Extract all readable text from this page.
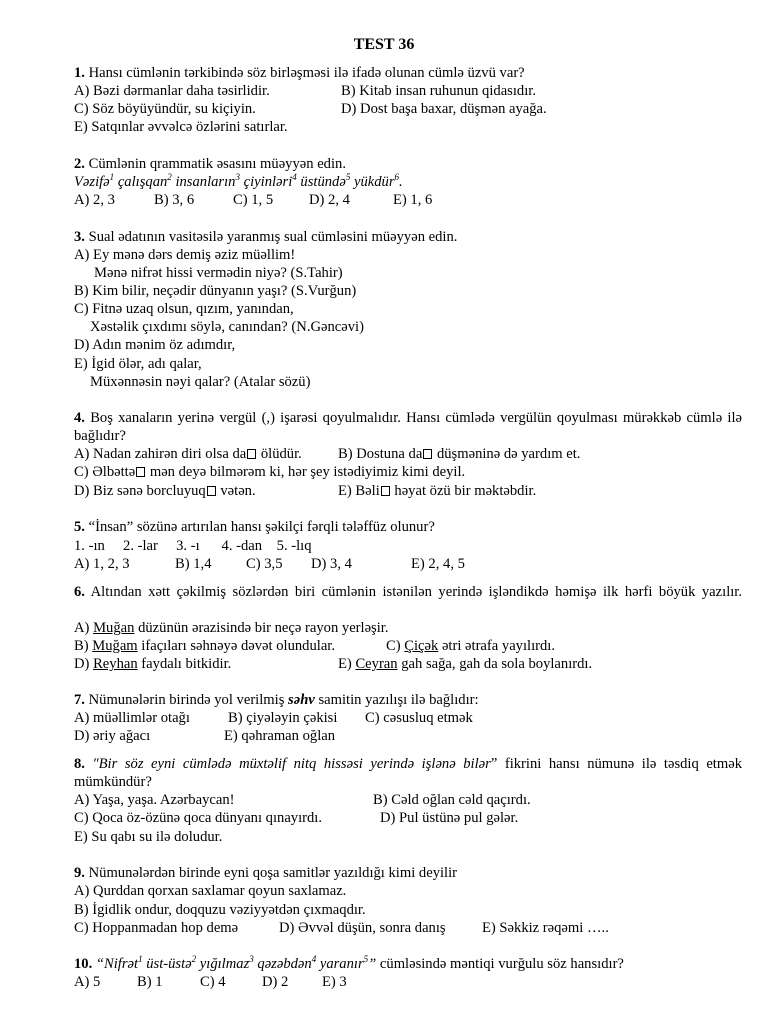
TEST 36
1. Hansı cümlənin tərkibində söz birləşməsi ilə ifadə olunan cümlə üzvü var?
A) Bəzi dərmanlar daha təsirlidir.	B) Kitab insan ruhunun qidasıdır.
C) Söz böyüyündür, su kiçiyin.	D) Dost başa baxar, düşmən ayağa.
E) Satqınlar əvvəlcə özlərini satırlar.
2. Cümlənin qrammatik əsasını müəyyən edin.
Vəzifə$^1$ çalışqan$^2$ insanların$^3$ çiyinləri$^4$ üstündə$^5$ yükdür$^6$.
A) 2, 3	B) 3, 6	C) 1, 5 D) 2, 4	E) 1, 6
3. Sual ədatının vasitəsilə yaranmış sual cümləsini müəyyən edin.
A) Ey mənə dərs demiş əziz müəllim!
Mənə nifrət hissi vermədin niyə? (S.Tahir)
B) Kim bilir, neçədir dünyanın yaşı? (S.Vurğun)
C) Fitnə uzaq olsun, qızım, yanından,
Xəstəlik çıxdımı söylə, canından? (N.Gəncəvi)
D) Adın mənim öz adımdır,
E) İgid ölər, adı qalar,
Müxənnəsin nəyi qalar? (Atalar sözü)
4. Boş xanaların yerinə vergül (,) işarəsi qoyulmalıdır. Hansı cümlədə vergülün qoyulması mürəkkəb cümlə ilə bağlıdır?
A) Nadan zahirən diri olsa da ölüdür. B) Dostuna da düşməninə də yardım et.
C) Əlbəttə mən deyə bilmərəm ki, hər şey istədiyimiz kimi deyil.
D) Biz sənə borcluyuq vətən.	E) Bəli həyat özü bir məktəbdir.
5. “İnsan” sözünə artırılan hansı şəkilçi fərqli tələffüz olunur?
1. -ın     2. -lar     3. -ı      4. -dan    5. -lıq
A) 1, 2, 3	B) 1,4 C) 3,5 D) 3, 4	E) 2, 4, 5
6. Altından xətt çəkilmiş sözlərdən biri cümlənin istənilən yerində işləndikdə həmişə ilk hərfi böyük yazılır.
A) Muğan düzünün ərazisində bir neçə rayon yerləşir.
B) Muğam ifaçıları səhnəyə dəvət olundular.	C) Çiçək ətri ətrafa yayılırdı.
D) Reyhan faydalı bitkidir.	E) Ceyran gah sağa, gah da sola boylanırdı.
7. Nümunələrin birində yol verilmiş səhv samitin yazılışı ilə bağlıdır:
A) müəllimlər otağı	B) çiyələyin çəkisi C) cəsusluq etmək
D) əriy ağacı	E) qəhraman oğlan
8. "Bir söz eyni cümlədə müxtəlif nitq hissəsi yerində işlənə bilərˮ fikrini hansı nümunə ilə təsdiq etmək mümkündür?
A) Yaşa, yaşa. Azərbaycan!	B) Cəld oğlan cəld qaçırdı.
C) Qoca öz-özünə qoca dünyanı qınayırdı.	D) Pul üstünə pul gələr.
E) Su qabı su ilə doludur.
9. Nümunələrdən birinde eyni qoşa samitlər yazıldığı kimi deyilir
A) Qurddan qorxan saxlamar qoyun saxlamaz.
B) İgidlik ondur, doqquzu vəziyyətdən çıxmaqdır.
C) Hoppanmadan hop demə	D) Əvvəl düşün, sonra danış E) Səkkiz rəqəmi …..
10. “Nifrət$^1$ üst-üstə$^2$ yığılmaz$^3$ qəzəbdən$^4$ yaranır$^5$” cümləsində məntiqi vurğulu söz hansıdır?
A) 5	B) 1	C) 4 D) 2 E) 3
